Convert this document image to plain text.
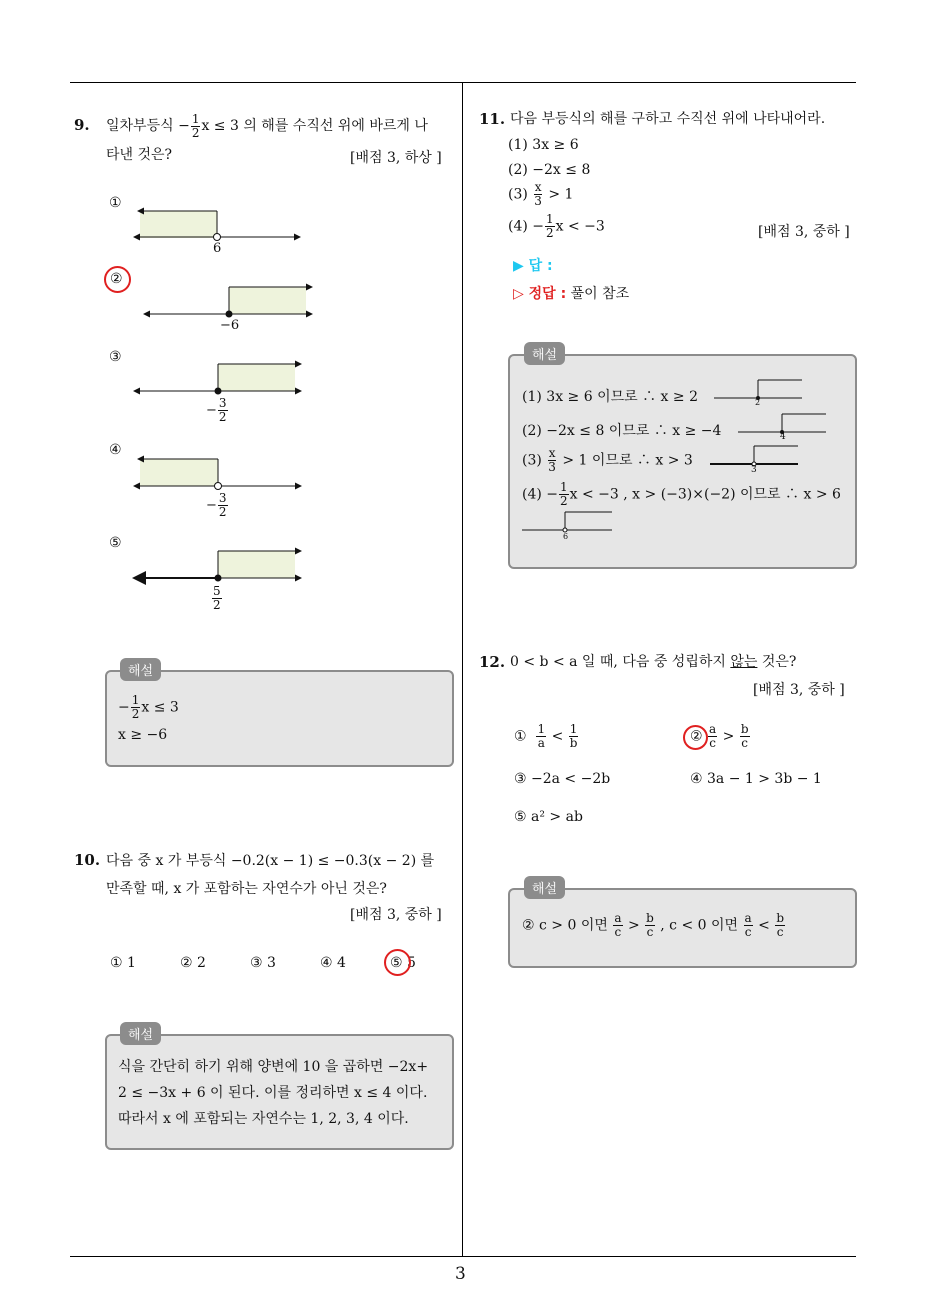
3
9. 일차부등식 − $\frac{1}{2}$ x ≤ 3 의 해를 수직선 위에 바르게 나
타낸 것은?	[배점 3, 하상 ]
①
6
②
−6
③
− $\frac{3}{2}$
④
− $\frac{3}{2}$
⑤
$\frac{5}{2}$
해설
− $\frac{1}{2}$ x ≤ 3
x ≥ −6
10. 다음 중 x 가 부등식 −0.2(x − 1) ≤ −0.3(x − 2) 를
만족할 때, x 가 포함하는 자연수가 아닌 것은?
[배점 3, 중하 ]
① 1	② 2	③ 3	④ 4	⑤ 5
해설
식을 간단히 하기 위해 양변에 10 을 곱하면 −2x+
2 ≤ −3x + 6 이 된다. 이를 정리하면 x ≤ 4 이다.
따라서 x 에 포함되는 자연수는 1, 2, 3, 4 이다.
11. 다음 부등식의 해를 구하고 수직선 위에 나타내어라.
(1) 3x ≥ 6
(2) −2x ≤ 8
$(3) \frac{x}{3} > 1$
$(4) - \frac{1}{2}$ x < −3	[배점 3, 중하 ]
▶ 답 :
▷ 정답 : 풀이 참조
해설
(1) 3x ≥ 6 이므로 ∴ x ≥ 2	2
(2) −2x ≤ 8 이므로 ∴ x ≥ −4	4
$(3) \frac{x}{3} > 1$ 이므로 ∴ x > 3
3
$(4) - \frac{1}{2}$ x < −3 , x > (−3)×(−2) 이므로 ∴ x > 6
6
12. 0 < b < a 일 때, 다음 중 성립하지 않는 것은?
[배점 3, 중하 ]
① $\frac{1}{a} < \frac{1}{b}$	② $\frac{a}{c} > \frac{b}{c}$
③ −2a < −2b	④ 3a − 1 > 3b − 1
⑤ a² > ab
해설
② c > 0 이면 $\frac{a}{c} > \frac{b}{c}$ , c < 0 이면 $\frac{a}{c} < \frac{b}{c}$
